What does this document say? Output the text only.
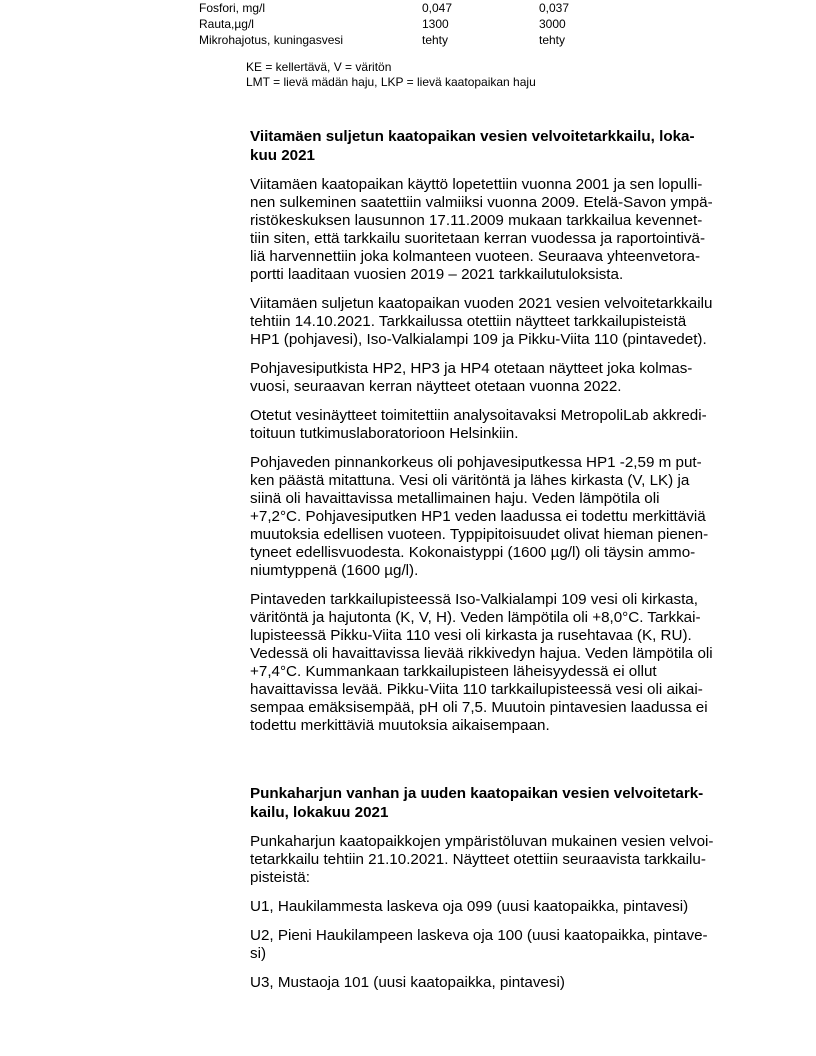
Fosfori, mg/l	0,047	0,037
Rauta,µg/l	1300	3000
Mikrohajotus, kuningasvesi	tehty	tehty
KE = kellertävä, V = väritön
LMT = lievä mädän haju, LKP = lievä kaatopaikan haju
Viitamäen suljetun kaatopaikan vesien velvoitetarkkailu, loka-
kuu 2021

Viitamäen kaatopaikan käyttö lopetettiin vuonna 2001 ja sen lopulli-
nen sulkeminen saatettiin valmiiksi vuonna 2009. Etelä-Savon ympä-
ristökeskuksen lausunnon 17.11.2009 mukaan tarkkailua kevennet-
tiin siten, että tarkkailu suoritetaan kerran vuodessa ja raportointivä-
liä harvennettiin joka kolmanteen vuoteen. Seuraava yhteenvetora-
portti laaditaan vuosien 2019 – 2021 tarkkailutuloksista.

Viitamäen suljetun kaatopaikan vuoden 2021 vesien velvoitetarkkailu
tehtiin 14.10.2021. Tarkkailussa otettiin näytteet tarkkailupisteistä
HP1 (pohjavesi), Iso-Valkialampi 109 ja Pikku-Viita 110 (pintavedet).

Pohjavesiputkista HP2, HP3 ja HP4 otetaan näytteet joka kolmas-
vuosi, seuraavan kerran näytteet otetaan vuonna 2022.

Otetut vesinäytteet toimitettiin analysoitavaksi MetropoliLab akkredi-
toituun tutkimuslaboratorioon Helsinkiin.

Pohjaveden pinnankorkeus oli pohjavesiputkessa HP1 -2,59 m put-
ken päästä mitattuna. Vesi oli väritöntä ja lähes kirkasta (V, LK) ja
siinä oli havaittavissa metallimainen haju. Veden lämpötila oli
+7,2°C. Pohjavesiputken HP1 veden laadussa ei todettu merkittäviä
muutoksia edellisen vuoteen. Typpipitoisuudet olivat hieman pienen-
tyneet edellisvuodesta. Kokonaistyppi (1600 µg/l) oli täysin ammo-
niumtyppenä (1600 µg/l).

Pintaveden tarkkailupisteessä Iso-Valkialampi 109 vesi oli kirkasta,
väritöntä ja hajutonta (K, V, H). Veden lämpötila oli +8,0°C. Tarkkai-
lupisteessä Pikku-Viita 110 vesi oli kirkasta ja rusehtavaa (K, RU).
Vedessä oli havaittavissa lievää rikkivedyn hajua. Veden lämpötila oli
+7,4°C. Kummankaan tarkkailupisteen läheisyydessä ei ollut
havaittavissa levää. Pikku-Viita 110 tarkkailupisteessä vesi oli aikai-
sempaa emäksisempää, pH oli 7,5. Muutoin pintavesien laadussa ei
todettu merkittäviä muutoksia aikaisempaan.

Punkaharjun vanhan ja uuden kaatopaikan vesien velvoitetark-
kailu, lokakuu 2021

Punkaharjun kaatopaikkojen ympäristöluvan mukainen vesien velvoi-
tetarkkailu tehtiin 21.10.2021. Näytteet otettiin seuraavista tarkkailu-
pisteistä:

U1, Haukilammesta laskeva oja 099 (uusi kaatopaikka, pintavesi)

U2, Pieni Haukilampeen laskeva oja 100 (uusi kaatopaikka, pintave-
si)

U3, Mustaoja 101 (uusi kaatopaikka, pintavesi)
